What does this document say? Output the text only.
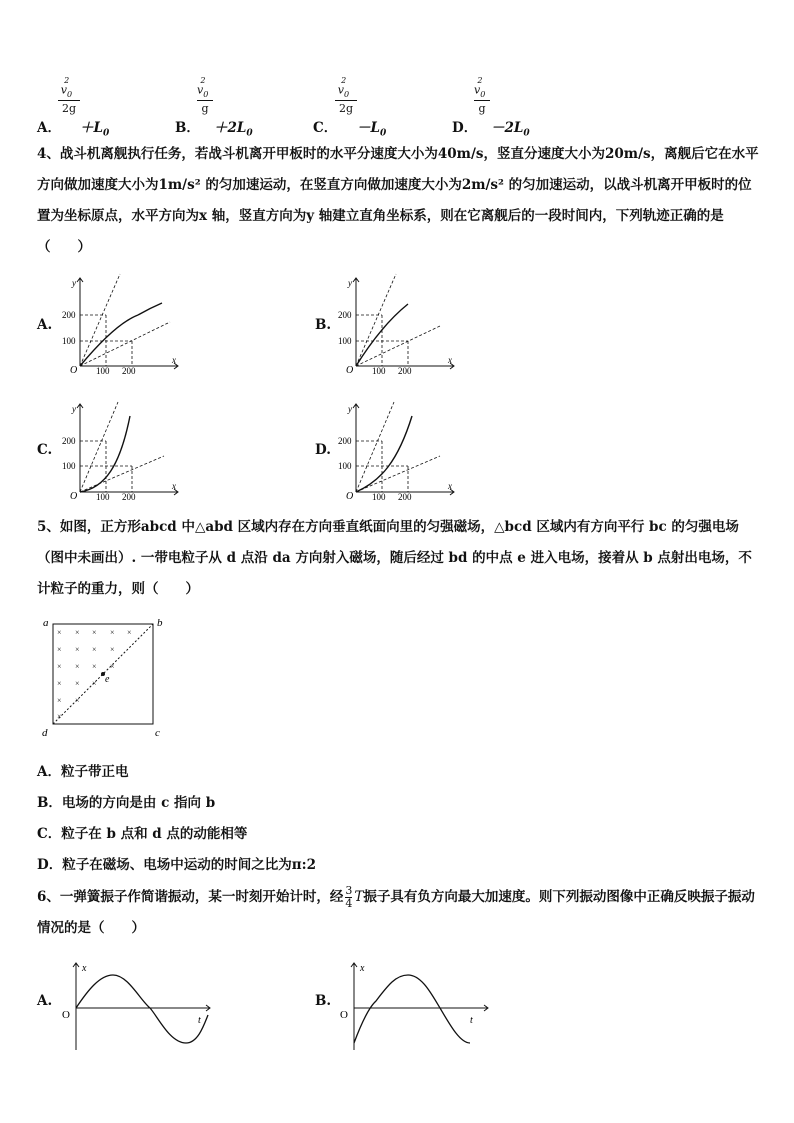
A．
$v_0^2$
2g
$+L_0$	B．
$v_0^2$
g
$+2L_0$	C．
$v_0^2$
2g
$-L_0$	D．
$v_0^2$
g
$-2L_0$
4、战斗机离舰执行任务，若战斗机离开甲板时的水平分速度大小为40m/s，竖直分速度大小为20m/s，离舰后它在水平方向做加速度大小为1m/s² 的匀加速运动，在竖直方向做加速度大小为2m/s² 的匀加速运动，以战斗机离开甲板时的位置为坐标原点，水平方向为x 轴，竖直方向为y 轴建立直角坐标系，则在它离舰后的一段时间内，下列轨迹正确的是（　　）
A.	B.
C.	D.
y
x
O
200
100
100 200
y
x
O
200
100
100 200
y
x
O
200
100
100 200
y
x
O
200
100
100 200
5、如图，正方形abcd 中△abd 区域内存在方向垂直纸面向里的匀强磁场，△bcd 区域内有方向平行 bc 的匀强电场（图中未画出）. 一带电粒子从 d 点沿 da 方向射入磁场，随后经过 bd 的中点 e 进入电场，接着从 b 点射出电场，不计粒子的重力，则（　　）
× × × × ×
× × × ×
× × × ×
× × ×
× ×
×
e
a	b
c
d
A．粒子带正电
B．电场的方向是由 c 指向 b
C．粒子在 b 点和 d 点的动能相等
D．粒子在磁场、电场中运动的时间之比为π:2
6、一弹簧振子作简谐振动，某一时刻开始计时，经 $\frac{3}{4}$ T振子具有负方向最大加速度。则下列振动图像中正确反映振子振动情况的是（　　）
A.	B.
x
t
O
x
t
O
